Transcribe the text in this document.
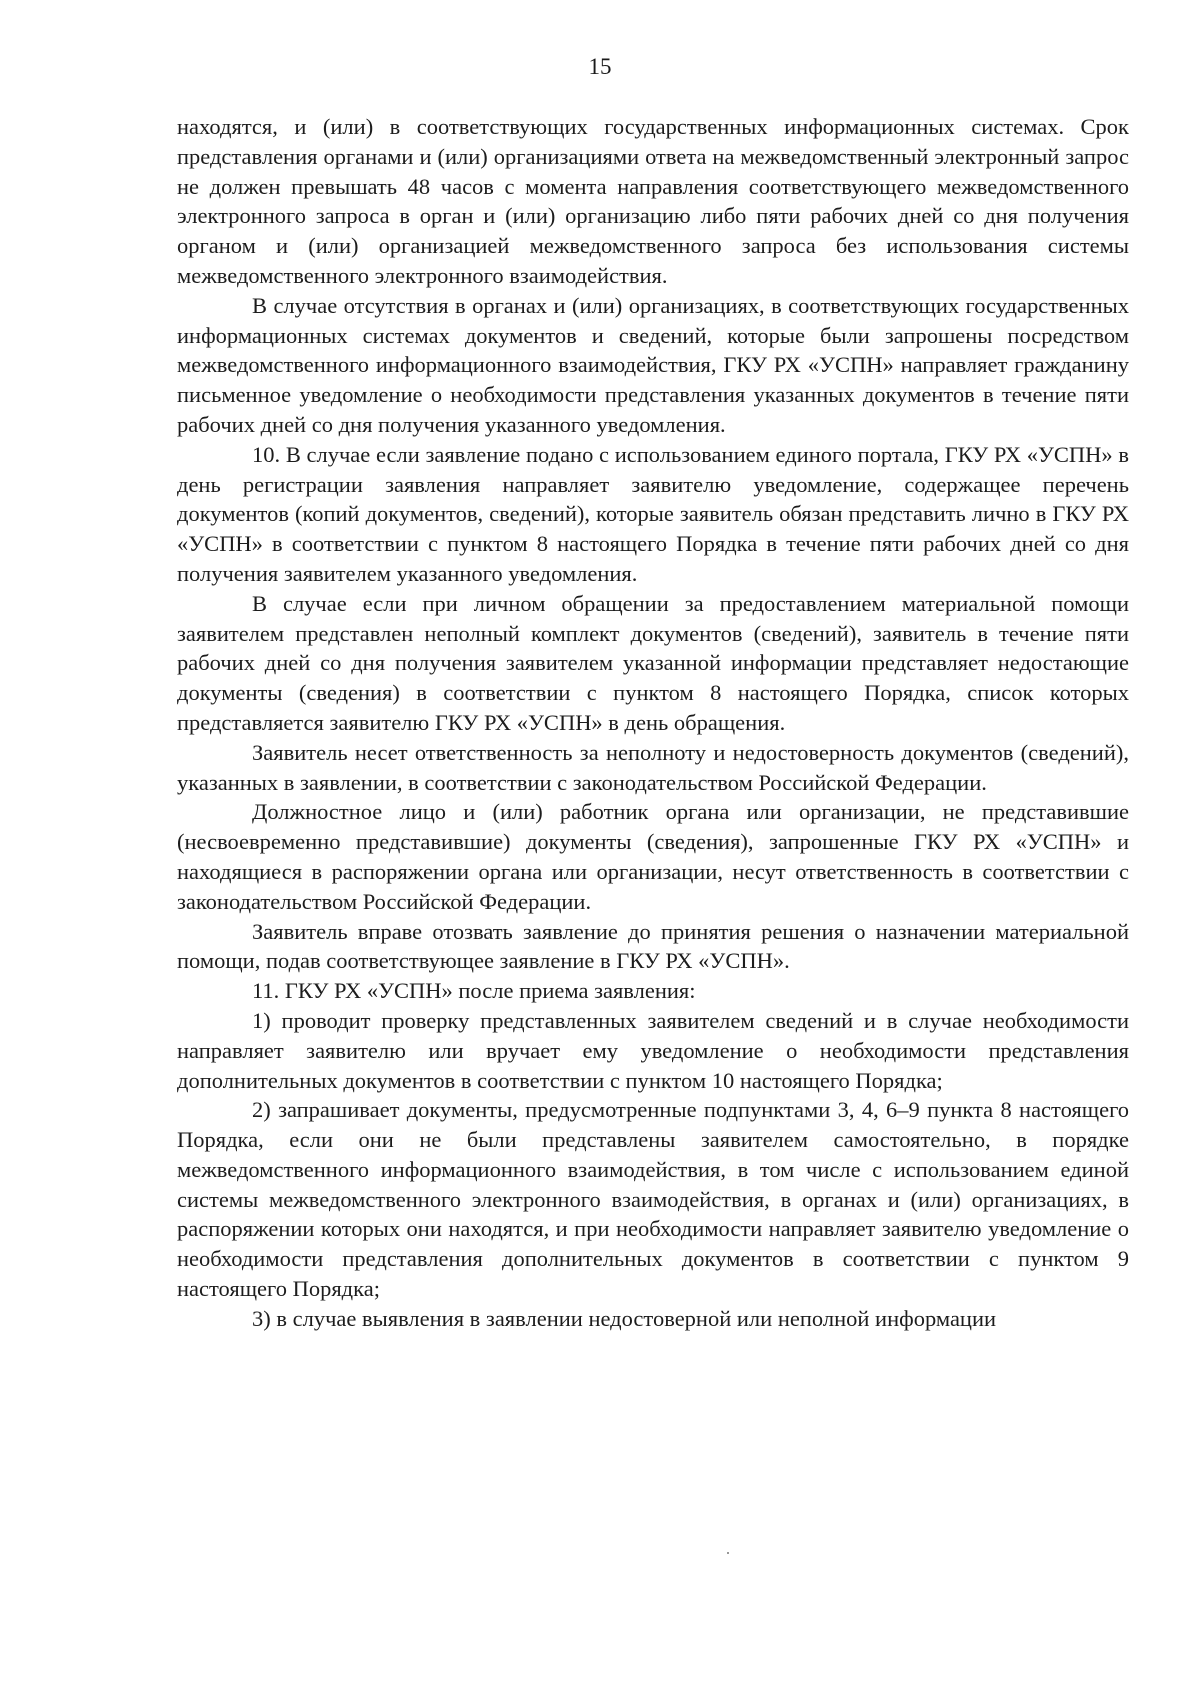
15

находятся, и (или) в соответствующих государственных информационных системах. Срок представления органами и (или) организациями ответа на межведомственный электронный запрос не должен превышать 48 часов с момента направления соответствующего межведомственного электронного запроса в орган и (или) организацию либо пяти рабочих дней со дня получения органом и (или) организацией межведомственного запроса без использования системы межведомственного электронного взаимодействия.

В случае отсутствия в органах и (или) организациях, в соответствующих государственных информационных системах документов и сведений, которые были запрошены посредством межведомственного информационного взаимодействия, ГКУ РХ «УСПН» направляет гражданину письменное уведомление о необходимости представления указанных документов в течение пяти рабочих дней со дня получения указанного уведомления.

10. В случае если заявление подано с использованием единого портала, ГКУ РХ «УСПН» в день регистрации заявления направляет заявителю уведомление, содержащее перечень документов (копий документов, сведений), которые заявитель обязан представить лично в ГКУ РХ «УСПН» в соответствии с пунктом 8 настоящего Порядка в течение пяти рабочих дней со дня получения заявителем указанного уведомления.

В случае если при личном обращении за предоставлением материальной помощи заявителем представлен неполный комплект документов (сведений), заявитель в течение пяти рабочих дней со дня получения заявителем указанной информации представляет недостающие документы (сведения) в соответствии с пунктом 8 настоящего Порядка, список которых представляется заявителю ГКУ РХ «УСПН» в день обращения.

Заявитель несет ответственность за неполноту и недостоверность документов (сведений), указанных в заявлении, в соответствии с законодательством Российской Федерации.

Должностное лицо и (или) работник органа или организации, не представившие (несвоевременно представившие) документы (сведения), запрошенные ГКУ РХ «УСПН» и находящиеся в распоряжении органа или организации, несут ответственность в соответствии с законодательством Российской Федерации.

Заявитель вправе отозвать заявление до принятия решения о назначении материальной помощи, подав соответствующее заявление в ГКУ РХ «УСПН».

11. ГКУ РХ «УСПН» после приема заявления:

1) проводит проверку представленных заявителем сведений и в случае необходимости направляет заявителю или вручает ему уведомление о необходимости представления дополнительных документов в соответствии с пунктом 10 настоящего Порядка;

2) запрашивает документы, предусмотренные подпунктами 3, 4, 6–9 пункта 8 настоящего Порядка, если они не были представлены заявителем самостоятельно, в порядке межведомственного информационного взаимодействия, в том числе с использованием единой системы межведомственного электронного взаимодействия, в органах и (или) организациях, в распоряжении которых они находятся, и при необходимости направляет заявителю уведомление о необходимости представления дополнительных документов в соответствии с пунктом 9 настоящего Порядка;

3) в случае выявления в заявлении недостоверной или неполной информации
